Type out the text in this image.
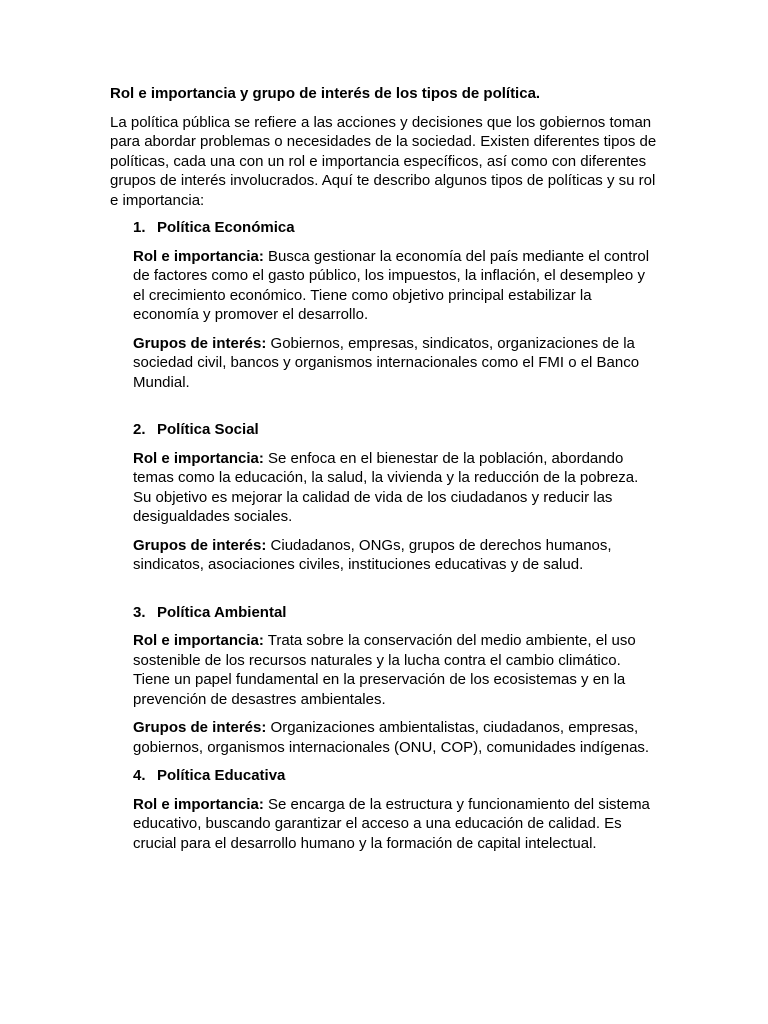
Rol e importancia y grupo de interés de los tipos de política.

La política pública se refiere a las acciones y decisiones que los gobiernos toman para abordar problemas o necesidades de la sociedad. Existen diferentes tipos de políticas, cada una con un rol e importancia específicos, así como con diferentes grupos de interés involucrados. Aquí te describo algunos tipos de políticas y su rol e importancia:

1. Política Económica

Rol e importancia: Busca gestionar la economía del país mediante el control de factores como el gasto público, los impuestos, la inflación, el desempleo y el crecimiento económico. Tiene como objetivo principal estabilizar la economía y promover el desarrollo.

Grupos de interés: Gobiernos, empresas, sindicatos, organizaciones de la sociedad civil, bancos y organismos internacionales como el FMI o el Banco Mundial.

2. Política Social

Rol e importancia: Se enfoca en el bienestar de la población, abordando temas como la educación, la salud, la vivienda y la reducción de la pobreza. Su objetivo es mejorar la calidad de vida de los ciudadanos y reducir las desigualdades sociales.

Grupos de interés: Ciudadanos, ONGs, grupos de derechos humanos, sindicatos, asociaciones civiles, instituciones educativas y de salud.

3. Política Ambiental

Rol e importancia: Trata sobre la conservación del medio ambiente, el uso sostenible de los recursos naturales y la lucha contra el cambio climático. Tiene un papel fundamental en la preservación de los ecosistemas y en la prevención de desastres ambientales.

Grupos de interés: Organizaciones ambientalistas, ciudadanos, empresas, gobiernos, organismos internacionales (ONU, COP), comunidades indígenas.

4. Política Educativa

Rol e importancia: Se encarga de la estructura y funcionamiento del sistema educativo, buscando garantizar el acceso a una educación de calidad. Es crucial para el desarrollo humano y la formación de capital intelectual.
